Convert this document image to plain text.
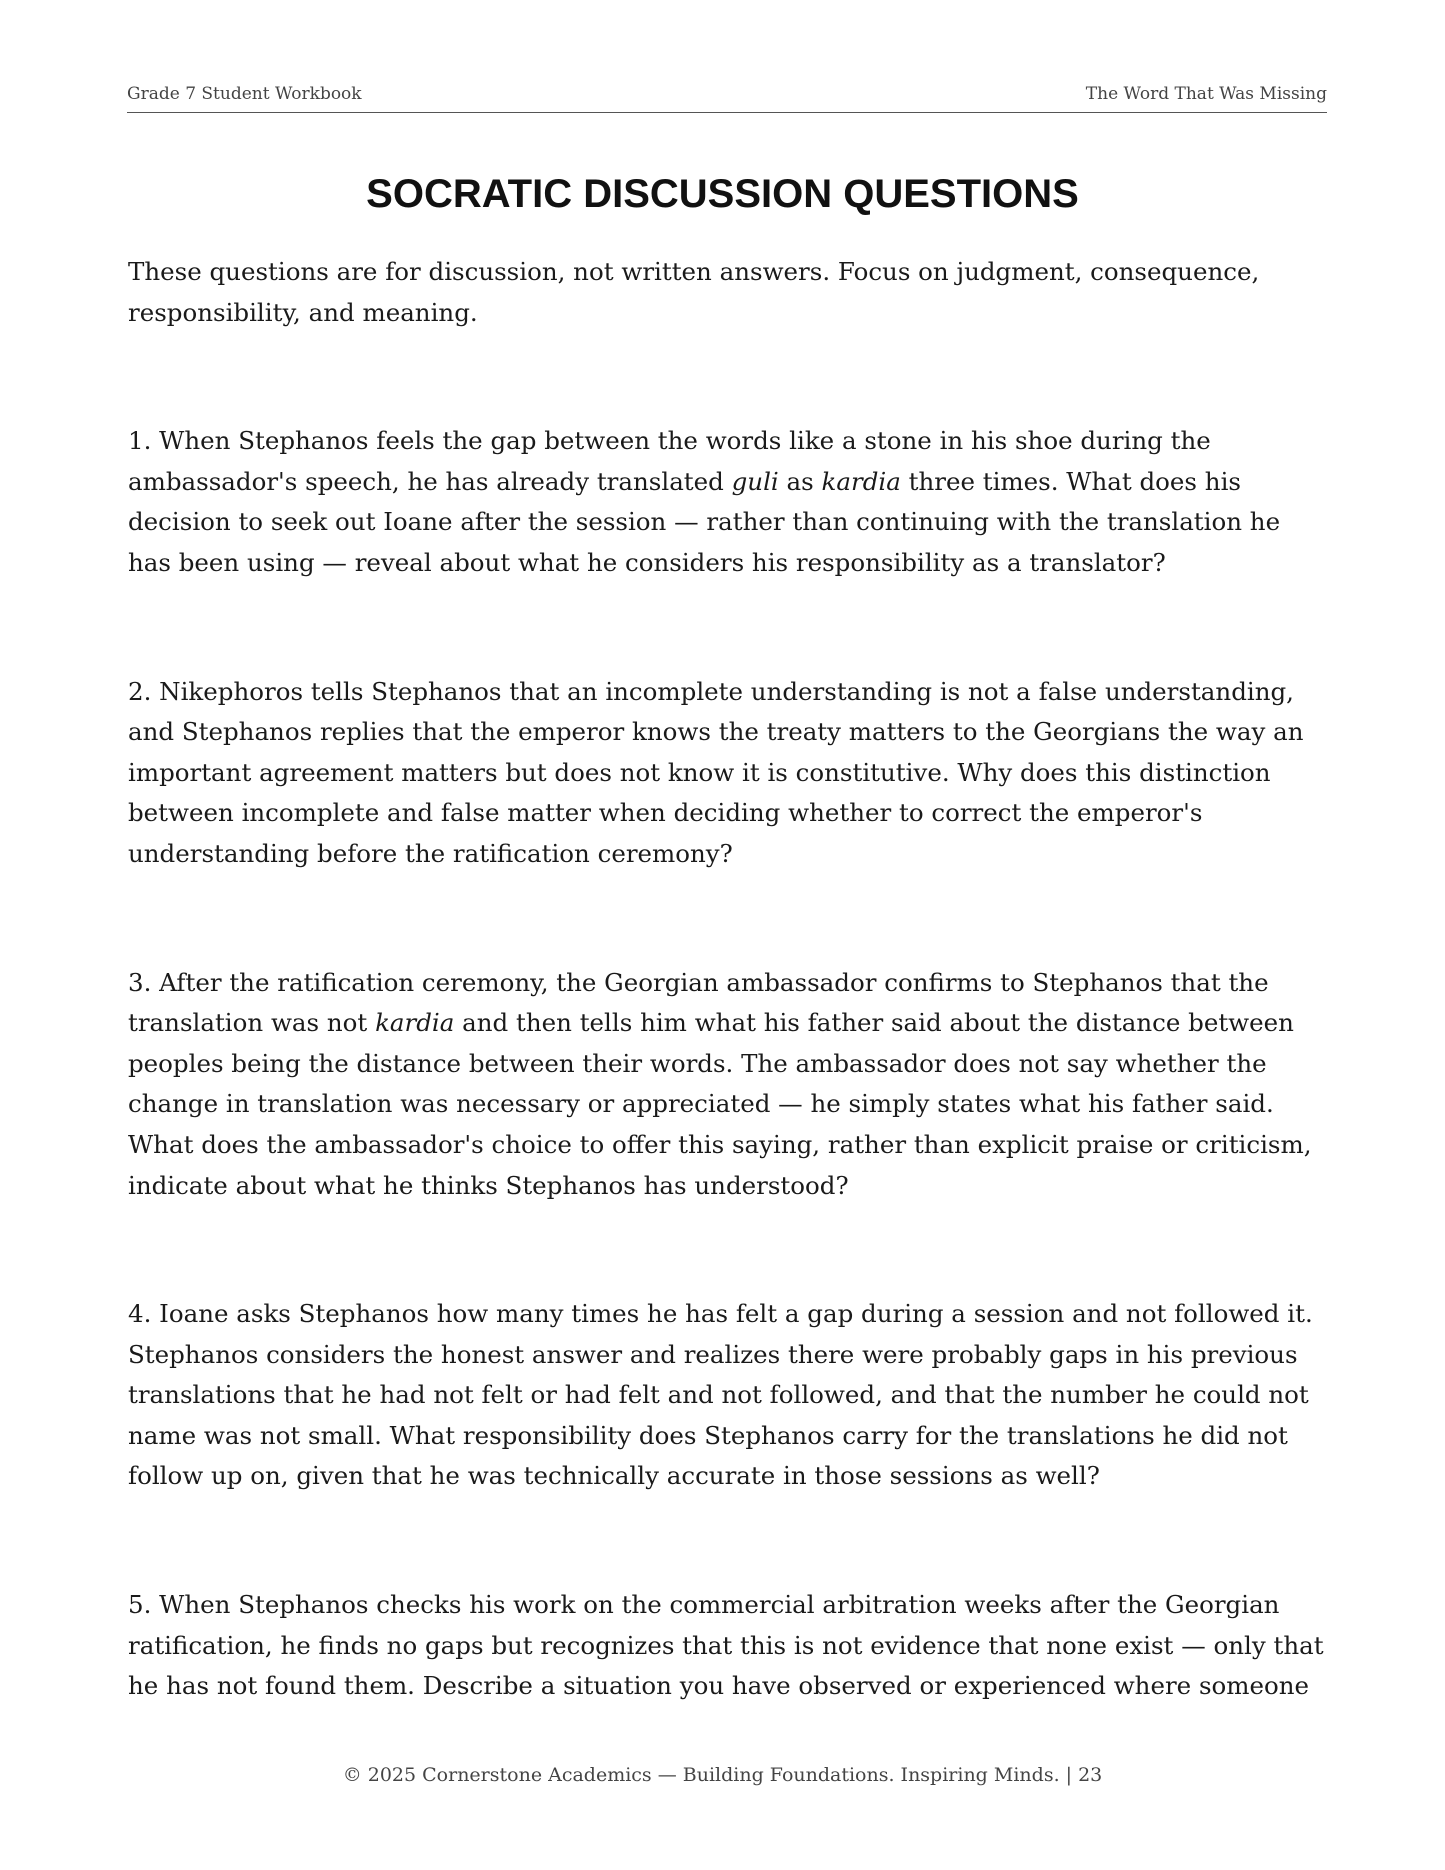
Grade 7 Student Workbook	The Word That Was Missing
SOCRATIC DISCUSSION QUESTIONS

These questions are for discussion, not written answers. Focus on judgment, consequence, responsibility, and meaning.

1. When Stephanos feels the gap between the words like a stone in his shoe during the ambassador's speech, he has already translated guli as kardia three times. What does his decision to seek out Ioane after the session — rather than continuing with the translation he has been using — reveal about what he considers his responsibility as a translator?

2. Nikephoros tells Stephanos that an incomplete understanding is not a false understanding, and Stephanos replies that the emperor knows the treaty matters to the Georgians the way an important agreement matters but does not know it is constitutive. Why does this distinction between incomplete and false matter when deciding whether to correct the emperor's understanding before the ratification ceremony?

3. After the ratification ceremony, the Georgian ambassador confirms to Stephanos that the translation was not kardia and then tells him what his father said about the distance between peoples being the distance between their words. The ambassador does not say whether the change in translation was necessary or appreciated — he simply states what his father said. What does the ambassador's choice to offer this saying, rather than explicit praise or criticism, indicate about what he thinks Stephanos has understood?

4. Ioane asks Stephanos how many times he has felt a gap during a session and not followed it. Stephanos considers the honest answer and realizes there were probably gaps in his previous translations that he had not felt or had felt and not followed, and that the number he could not name was not small. What responsibility does Stephanos carry for the translations he did not follow up on, given that he was technically accurate in those sessions as well?

5. When Stephanos checks his work on the commercial arbitration weeks after the Georgian ratification, he finds no gaps but recognizes that this is not evidence that none exist — only that he has not found them. Describe a situation you have observed or experienced where someone

© 2025 Cornerstone Academics — Building Foundations. Inspiring Minds. | 23
